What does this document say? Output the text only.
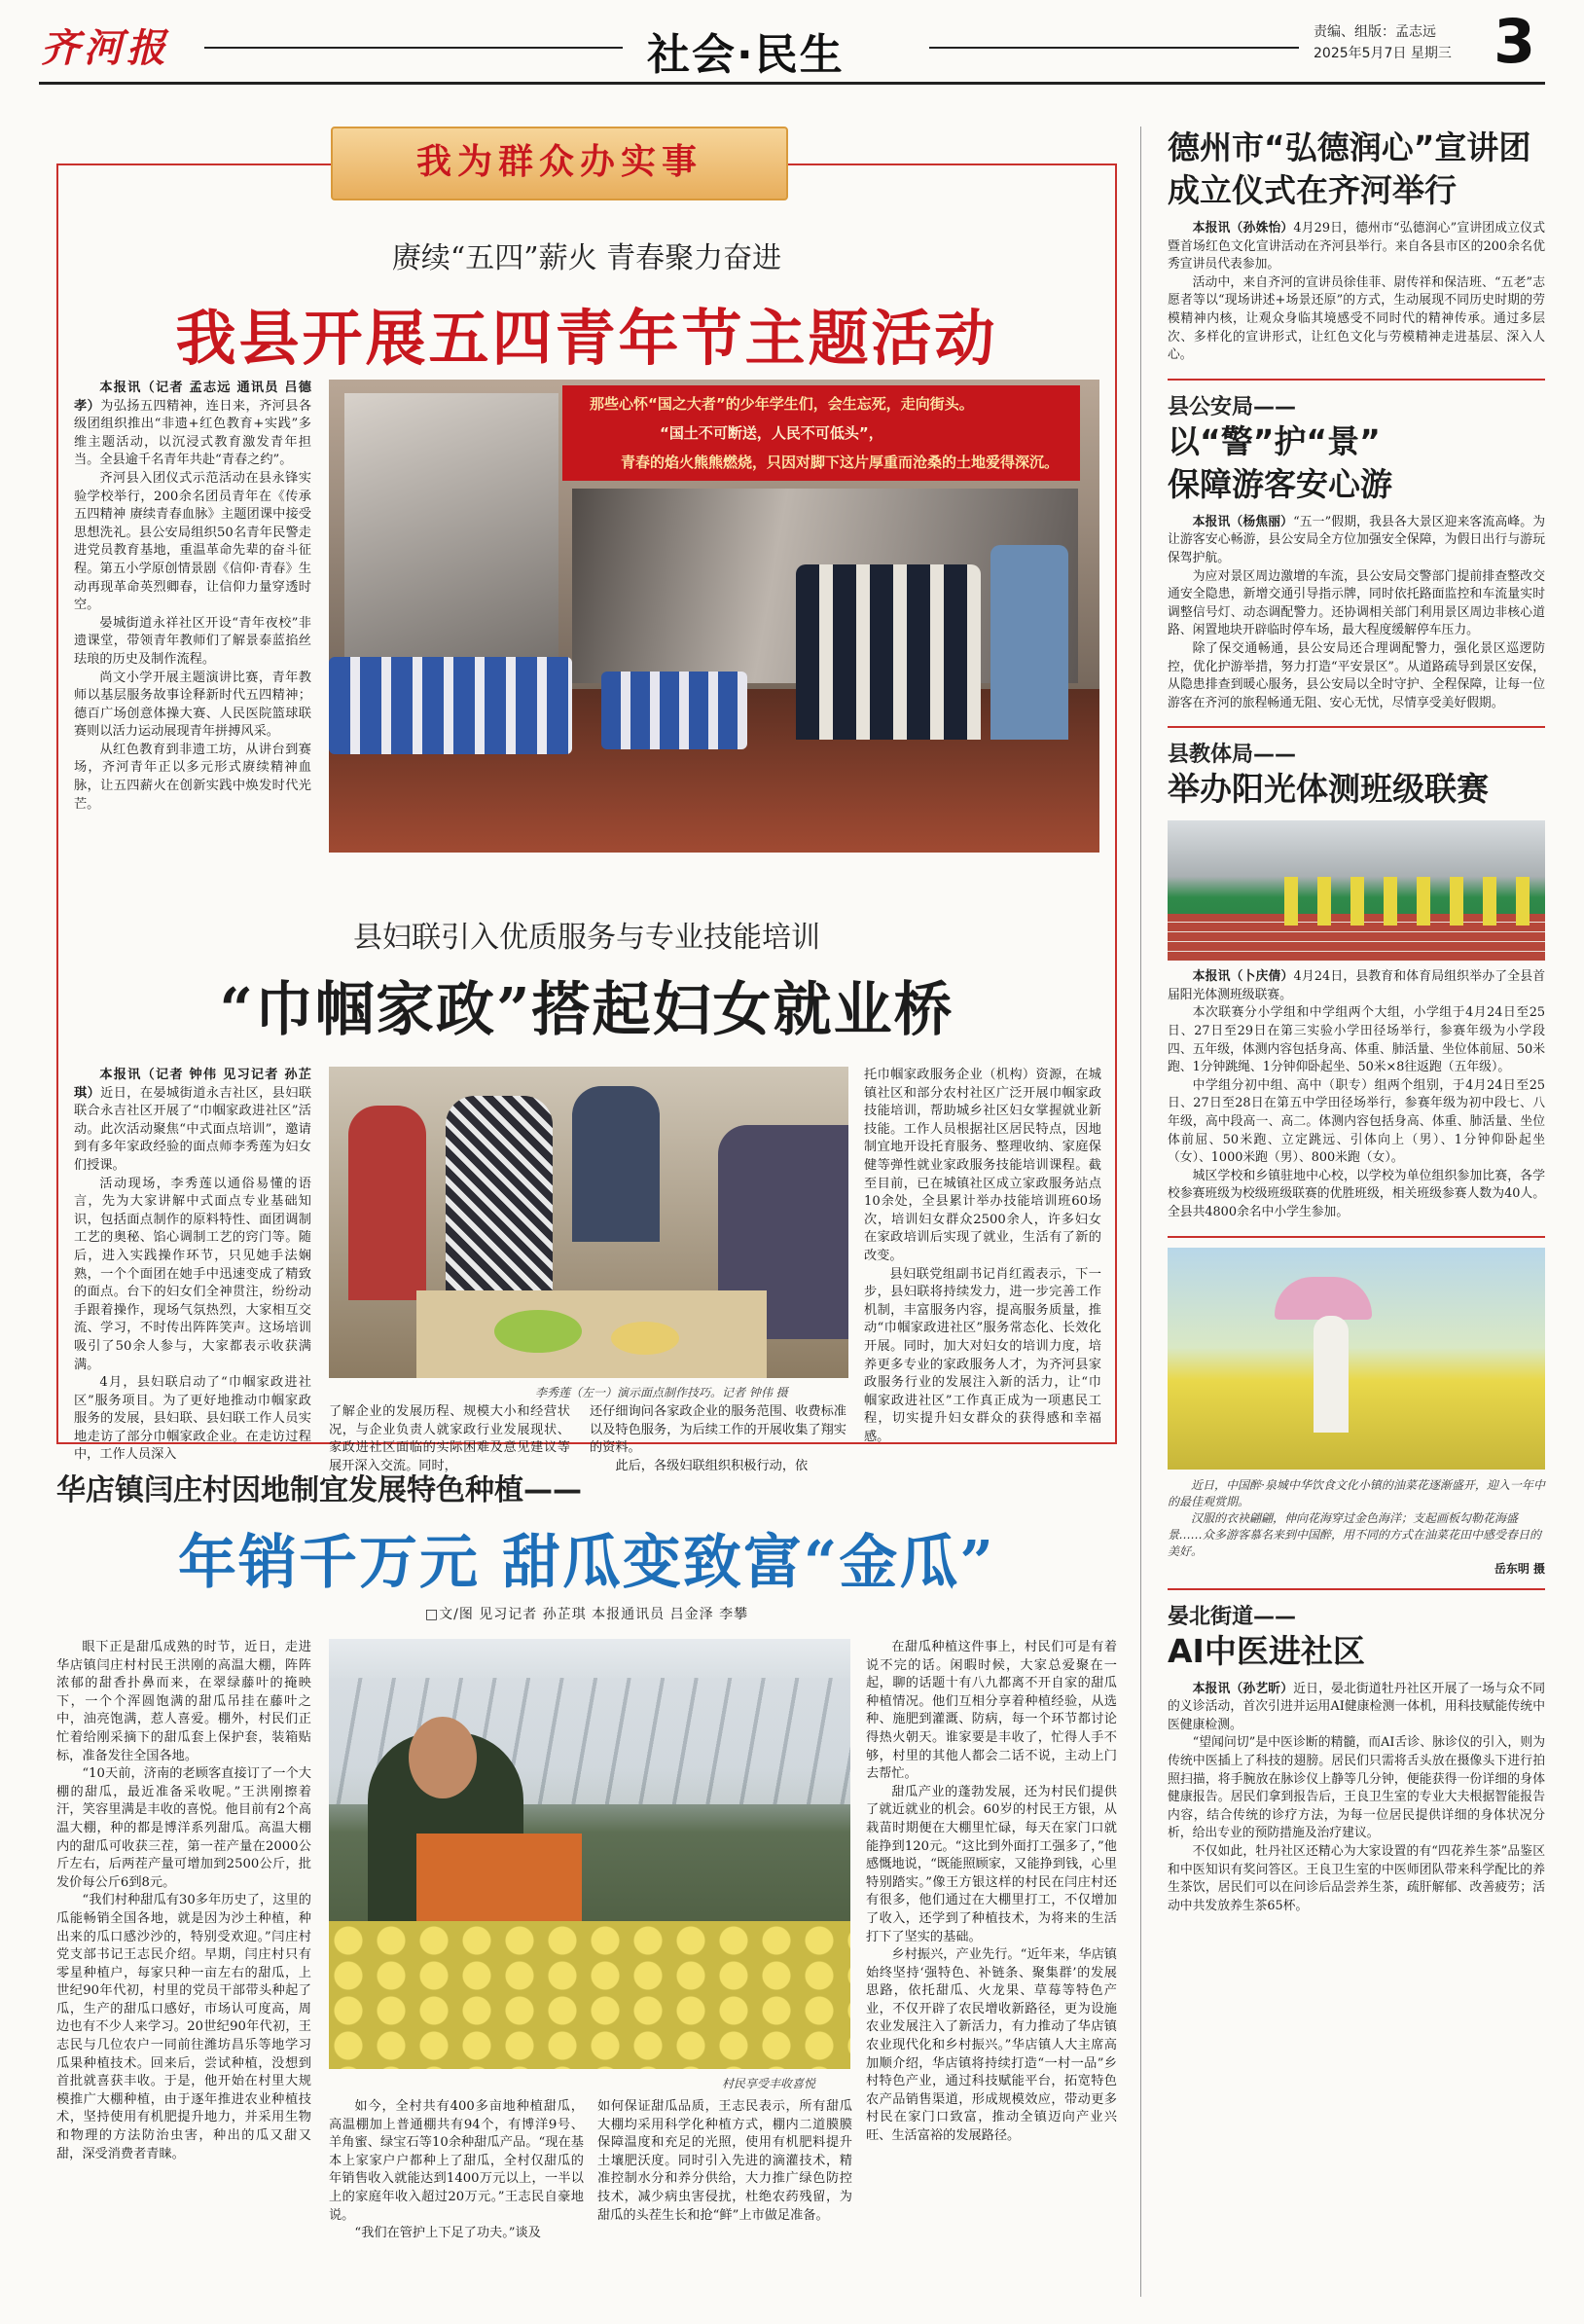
齐河报	社会·民生	责编、组版：孟志远
2025年5月7日 星期三 3
我为群众办实事
赓续“五四”薪火 青春聚力奋进
我县开展五四青年节主题活动

本报讯（记者 孟志远 通讯员 吕德孝）为弘扬五四精神，连日来，齐河县各级团组织推出“非遗+红色教育+实践”多维主题活动，以沉浸式教育激发青年担当。全县逾千名青年共赴“青春之约”。

齐河县入团仪式示范活动在县永锋实验学校举行，200余名团员青年在《传承五四精神 赓续青春血脉》主题团课中接受思想洗礼。县公安局组织50名青年民警走进党员教育基地，重温革命先辈的奋斗征程。第五小学原创情景剧《信仰·青春》生动再现革命英烈卿春，让信仰力量穿透时空。

晏城街道永祥社区开设“青年夜校”非遗课堂，带领青年教师们了解景泰蓝掐丝珐琅的历史及制作流程。

尚文小学开展主题演讲比赛，青年教师以基层服务故事诠释新时代五四精神；德百广场创意体操大赛、人民医院篮球联赛则以活力运动展现青年拼搏风采。

从红色教育到非遗工坊，从讲台到赛场，齐河青年正以多元形式赓续精神血脉，让五四薪火在创新实践中焕发时代光芒。

那些心怀“国之大者”的少年学生们，会生忘死，走向街头。
“国土不可断送，人民不可低头”，
青春的焰火熊熊燃烧，只因对脚下这片厚重而沧桑的土地爱得深沉。
县妇联引入优质服务与专业技能培训
“巾帼家政”搭起妇女就业桥

本报讯（记者 钟伟 见习记者 孙芷琪）近日，在晏城街道永吉社区，县妇联联合永吉社区开展了“巾帼家政进社区”活动。此次活动聚焦“中式面点培训”，邀请到有多年家政经验的面点师李秀莲为妇女们授课。

活动现场，李秀莲以通俗易懂的语言，先为大家讲解中式面点专业基础知识，包括面点制作的原料特性、面团调制工艺的奥秘、馅心调制工艺的窍门等。随后，进入实践操作环节，只见她手法娴熟，一个个面团在她手中迅速变成了精致的面点。台下的妇女们全神贯注，纷纷动手跟着操作，现场气氛热烈，大家相互交流、学习，不时传出阵阵笑声。这场培训吸引了50余人参与，大家都表示收获满满。

4月，县妇联启动了“巾帼家政进社区”服务项目。为了更好地推动巾帼家政服务的发展，县妇联、县妇联工作人员实地走访了部分巾帼家政企业。在走访过程中，工作人员深入

李秀莲（左一）演示面点制作技巧。记者 钟伟 摄

了解企业的发展历程、规模大小和经营状况，与企业负责人就家政行业发展现状、家政进社区面临的实际困难及意见建议等展开深入交流。同时，

还仔细询问各家政企业的服务范围、收费标准以及特色服务，为后续工作的开展收集了翔实的资料。

此后，各级妇联组织积极行动，依

托巾帼家政服务企业（机构）资源，在城镇社区和部分农村社区广泛开展巾帼家政技能培训，帮助城乡社区妇女掌握就业新技能。工作人员根据社区居民特点，因地制宜地开设托育服务、整理收纳、家庭保健等弹性就业家政服务技能培训课程。截至目前，已在城镇社区成立家政服务站点10余处，全县累计举办技能培训班60场次，培训妇女群众2500余人，许多妇女在家政培训后实现了就业，生活有了新的改变。

县妇联党组副书记肖红霞表示，下一步，县妇联将持续发力，进一步完善工作机制，丰富服务内容，提高服务质量，推动“巾帼家政进社区”服务常态化、长效化开展。同时，加大对妇女的培训力度，培养更多专业的家政服务人才，为齐河县家政服务行业的发展注入新的活力，让“巾帼家政进社区”工作真正成为一项惠民工程，切实提升妇女群众的获得感和幸福感。

华店镇闫庄村因地制宜发展特色种植——
年销千万元 甜瓜变致富“金瓜”
□文/图 见习记者 孙芷琪 本报通讯员 吕金泽 李攀

眼下正是甜瓜成熟的时节，近日，走进华店镇闫庄村村民王洪刚的高温大棚，阵阵浓郁的甜香扑鼻而来，在翠绿藤叶的掩映下，一个个浑圆饱满的甜瓜吊挂在藤叶之中，油亮饱满，惹人喜爱。棚外，村民们正忙着给刚采摘下的甜瓜套上保护套，装箱贴标，准备发往全国各地。

“10天前，济南的老顾客直接订了一个大棚的甜瓜，最近准备采收呢。”王洪刚擦着汗，笑容里满是丰收的喜悦。他目前有2个高温大棚，种的都是博洋系列甜瓜。高温大棚内的甜瓜可收获三茬，第一茬产量在2000公斤左右，后两茬产量可增加到2500公斤，批发价每公斤6到8元。

“我们村种甜瓜有30多年历史了，这里的瓜能畅销全国各地，就是因为沙土种植，种出来的瓜口感沙沙的，特别受欢迎。”闫庄村党支部书记王志民介绍。早期，闫庄村只有零星种植户，每家只种一亩左右的甜瓜，上世纪90年代初，村里的党员干部带头种起了瓜，生产的甜瓜口感好，市场认可度高，周边也有不少人来学习。20世纪90年代初，王志民与几位农户一同前往潍坊昌乐等地学习瓜果种植技术。回来后，尝试种植，没想到首批就喜获丰收。于是，他开始在村里大规模推广大棚种植，由于逐年推进农业种植技术，坚持使用有机肥提升地力，并采用生物和物理的方法防治虫害，种出的瓜又甜又甜，深受消费者青睐。

村民享受丰收喜悦

如今，全村共有400多亩地种植甜瓜，高温棚加上普通棚共有94个，有博洋9号、羊角蜜、绿宝石等10余种甜瓜产品。“现在基本上家家户户都种上了甜瓜，全村仅甜瓜的年销售收入就能达到1400万元以上，一半以上的家庭年收入超过20万元。”王志民自豪地说。

“我们在管护上下足了功夫。”谈及

如何保证甜瓜品质，王志民表示，所有甜瓜大棚均采用科学化种植方式，棚内二道膜膜保障温度和充足的光照，使用有机肥料提升土壤肥沃度。同时引入先进的滴灌技术，精准控制水分和养分供给，大力推广绿色防控技术，减少病虫害侵扰，杜绝农药残留，为甜瓜的头茬生长和抢“鲜”上市做足准备。

在甜瓜种植这件事上，村民们可是有着说不完的话。闲暇时候，大家总爱聚在一起，聊的话题十有八九都离不开自家的甜瓜种植情况。他们互相分享着种植经验，从选种、施肥到灌溉、防病，每一个环节都讨论得热火朝天。谁家要是丰收了，忙得人手不够，村里的其他人都会二话不说，主动上门去帮忙。

甜瓜产业的蓬勃发展，还为村民们提供了就近就业的机会。60岁的村民王方银，从栽苗时期便在大棚里忙碌，每天在家门口就能挣到120元。“这比到外面打工强多了，”他感慨地说，“既能照顾家，又能挣到钱，心里特别踏实。”像王方银这样的村民在闫庄村还有很多，他们通过在大棚里打工，不仅增加了收入，还学到了种植技术，为将来的生活打下了坚实的基础。

乡村振兴，产业先行。“近年来，华店镇始终坚持‘强特色、补链条、聚集群’的发展思路，依托甜瓜、火龙果、草莓等特色产业，不仅开辟了农民增收新路径，更为设施农业发展注入了新活力，有力推动了华店镇农业现代化和乡村振兴。”华店镇人大主席高加顺介绍，华店镇将持续打造“一村一品”乡村特色产业，通过科技赋能平台，拓宽特色农产品销售渠道，形成规模效应，带动更多村民在家门口致富，推动全镇迈向产业兴旺、生活富裕的发展路径。

德州市“弘德润心”宣讲团
成立仪式在齐河举行

本报讯（孙姝怡）4月29日，德州市“弘德润心”宣讲团成立仪式暨首场红色文化宣讲活动在齐河县举行。来自各县市区的200余名优秀宣讲员代表参加。

活动中，来自齐河的宣讲员徐佳菲、尉传祥和保洁班、“五老”志愿者等以“现场讲述+场景还原”的方式，生动展现不同历史时期的劳模精神内核，让观众身临其境感受不同时代的精神传承。通过多层次、多样化的宣讲形式，让红色文化与劳模精神走进基层、深入人心。

县公安局——
以“警”护“景”
保障游客安心游

本报讯（杨焦丽）“五一”假期，我县各大景区迎来客流高峰。为让游客安心畅游，县公安局全方位加强安全保障，为假日出行与游玩保驾护航。

为应对景区周边激增的车流，县公安局交警部门提前排查整改交通安全隐患，新增交通引导指示牌，同时依托路面监控和车流量实时调整信号灯、动态调配警力。还协调相关部门利用景区周边非核心道路、闲置地块开辟临时停车场，最大程度缓解停车压力。

除了保交通畅通，县公安局还合理调配警力，强化景区巡逻防控，优化护游举措，努力打造“平安景区”。从道路疏导到景区安保，从隐患排查到暖心服务，县公安局以全时守护、全程保障，让每一位游客在齐河的旅程畅通无阻、安心无忧，尽情享受美好假期。

县教体局——
举办阳光体测班级联赛

本报讯（卜庆倩）4月24日，县教育和体育局组织举办了全县首届阳光体测班级联赛。

本次联赛分小学组和中学组两个大组，小学组于4月24日至25日、27日至29日在第三实验小学田径场举行，参赛年级为小学段四、五年级，体测内容包括身高、体重、肺活量、坐位体前屈、50米跑、1分钟跳绳、1分钟仰卧起坐、50米×8往返跑（五年级）。

中学组分初中组、高中（职专）组两个组别，于4月24日至25日、27日至28日在第五中学田径场举行，参赛年级为初中段七、八年级，高中段高一、高二。体测内容包括身高、体重、肺活量、坐位体前屈、50米跑、立定跳远、引体向上（男）、1分钟仰卧起坐（女）、1000米跑（男）、800米跑（女）。

城区学校和乡镇驻地中心校，以学校为单位组织参加比赛，各学校参赛班级为校级班级联赛的优胜班级，相关班级参赛人数为40人。全县共4800余名中小学生参加。

近日，中国醉·泉城中华饮食文化小镇的油菜花逐渐盛开，迎入一年中的最佳观赏期。

汉服的衣袂翩翩，伸向花海穿过金色海洋；支起画板勾勒花海盛景……众多游客慕名来到中国醉，用不同的方式在油菜花田中感受春日的美好。

岳东明 摄

晏北街道——
AI中医进社区

本报讯（孙艺昕）近日，晏北街道牡丹社区开展了一场与众不同的义诊活动，首次引进并运用AI健康检测一体机，用科技赋能传统中医健康检测。

“望闻问切”是中医诊断的精髓，而AI舌诊、脉诊仪的引入，则为传统中医插上了科技的翅膀。居民们只需将舌头放在摄像头下进行拍照扫描，将手腕放在脉诊仪上静等几分钟，便能获得一份详细的身体健康报告。居民们拿到报告后，王良卫生室的专业大夫根据智能报告内容，结合传统的诊疗方法，为每一位居民提供详细的身体状况分析，给出专业的预防措施及治疗建议。

不仅如此，牡丹社区还精心为大家设置的有“四花养生茶”品鉴区和中医知识有奖问答区。王良卫生室的中医师团队带来科学配比的养生茶饮，居民们可以在问诊后品尝养生茶，疏肝解郁、改善疲劳；活动中共发放养生茶65杯。
